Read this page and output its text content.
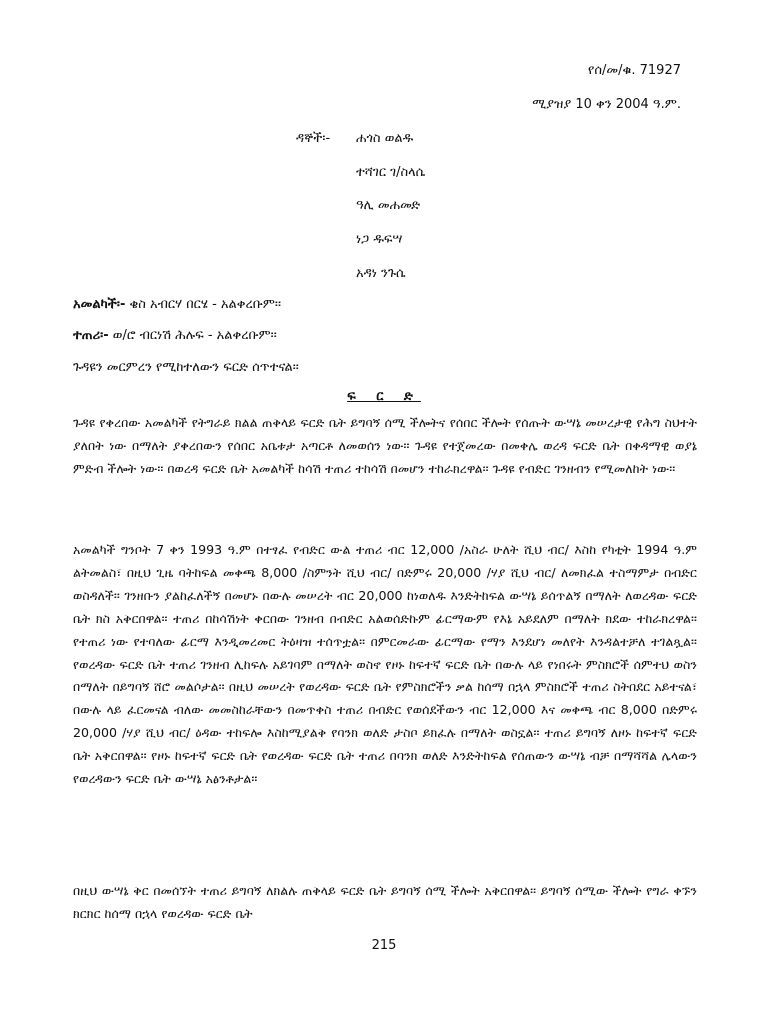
የሰ/መ/ቁ. 71927
ሚያዝያ 10 ቀን 2004 ዓ.ም.
ዳኞች፡- ሐጎስ ወልዱ
ተሻገር ገ/ስላሴ
ዓሊ መሐመድ
ነጋ ዱፍሣ
አዳነ ንጉሴ
አመልካች፡- ቄስ አብርሃ በርሄ - አልቀረቡም፡፡
ተጠሪ፡- ወ/ሮ ብርነሽ ሕሉፍ - አልቀረቡም፡፡
ጉዳዩን መርምረን የሚከተለውን ፍርድ ሰጥተናል፡፡
ፍ ር ድ

ጉዳዩ የቀረበው አመልካች የትግራይ ክልል ጠቅላይ ፍርድ ቤት ይግባኝ ሰሚ ችሎትና የሰበር ችሎት የሰጡት ውሣኔ መሠረታዊ የሕግ ስህተት ያለበት ነው በማለት ያቀረበውን የሰበር አቤቱታ አጣርቶ ለመወሰን ነው፡፡ ጉዳዩ የተጀመረው በመቀሌ ወረዳ ፍርድ ቤት በቀዳማዊ ወያኔ ምድብ ችሎት ነው፡፡ በወረዳ ፍርድ ቤት አመልካች ከሳሽ ተጠሪ ተከሳሽ በመሆን ተከራክረዋል፡፡ ጉዳዩ የብድር ገንዘብን የሚመለከት ነው፡፡

አመልካች ግንቦት 7 ቀን 1993 ዓ.ም በተፃፈ የብድር ውል ተጠሪ ብር 12,000 /አስራ ሁለት ሺህ ብር/ እስከ የካቲት 1994 ዓ.ም ልትመልስ፣ በዚህ ጊዜ ባትከፍል መቀጫ 8,000 /ስምንት ሺህ ብር/ በድምሩ 20,000 /ሃያ ሺህ ብር/ ለመክፈል ተስማምታ በብድር ወስዳለች፡፡ ገንዘቡን ያልከፈለችኝ በመሆኑ በውሉ መሠረት ብር 20,000 ከነወለዱ እንድትከፍል ውሣኔ ይሰጥልኝ በማለት ለወረዳው ፍርድ ቤት ክስ አቅርበዋል፡፡ ተጠሪ በከሳሽነት ቀርበው ገንዘብ በብድር አልወሰድኩም ፊርማውም የእኔ አይደለም በማለት ክደው ተከራክረዋል፡፡ የተጠሪ ነው የተባለው ፊርማ እንዲመረመር ትዕዛዝ ተሰጥቷል፡፡ በምርመራው ፊርማው የማን እንደሆነ መለየት እንዳልተቻለ ተገልጿል፡፡ የወረዳው ፍርድ ቤት ተጠሪ ገንዘብ ሊከፍሉ አይገባም በማለት ወስኖ የዞኑ ከፍተኛ ፍርድ ቤት በውሉ ላይ የነበሩት ምስክሮች ሰምተህ ወስን በማለት በይግባኝ ሸሮ መልሶታል፡፡ በዚህ መሠረት የወረዳው ፍርድ ቤት የምስክሮችን ቃል ከሰማ በኋላ ምስክሮች ተጠሪ ስትበደር አይተናል፣ በውሉ ላይ ፈርመናል ብለው መመስከራቸውን በመጥቀስ ተጠሪ በብድር የወሰደችውን ብር 12,000 እና መቀጫ ብር 8,000 በድምሩ 20,000 /ሃያ ሺህ ብር/ ዕዳው ተከፍሎ እስከሚያልቅ የባንክ ወለድ ታስቦ ይክፈሉ በማለት ወስኗል፡፡ ተጠሪ ይግባኝ ለዞኑ ከፍተኛ ፍርድ ቤት አቅርበዋል፡፡ የዞኑ ከፍተኛ ፍርድ ቤት የወረዳው ፍርድ ቤት ተጠሪ በባንክ ወለድ እንድትከፍል የሰጠውን ውሣኔ ብቻ በማሻሻል ሌላውን የወረዳውን ፍርድ ቤት ውሣኔ አፅንቶታል፡፡

በዚህ ውሣኔ ቅር በመሰኘት ተጠሪ ይግባኝ ለክልሉ ጠቅላይ ፍርድ ቤት ይግባኝ ሰሚ ችሎት አቅርበዋል፡፡ ይግባኝ ሰሚው ችሎት የግራ ቀኙን ክርክር ከሰማ በኋላ የወረዳው ፍርድ ቤት

215
